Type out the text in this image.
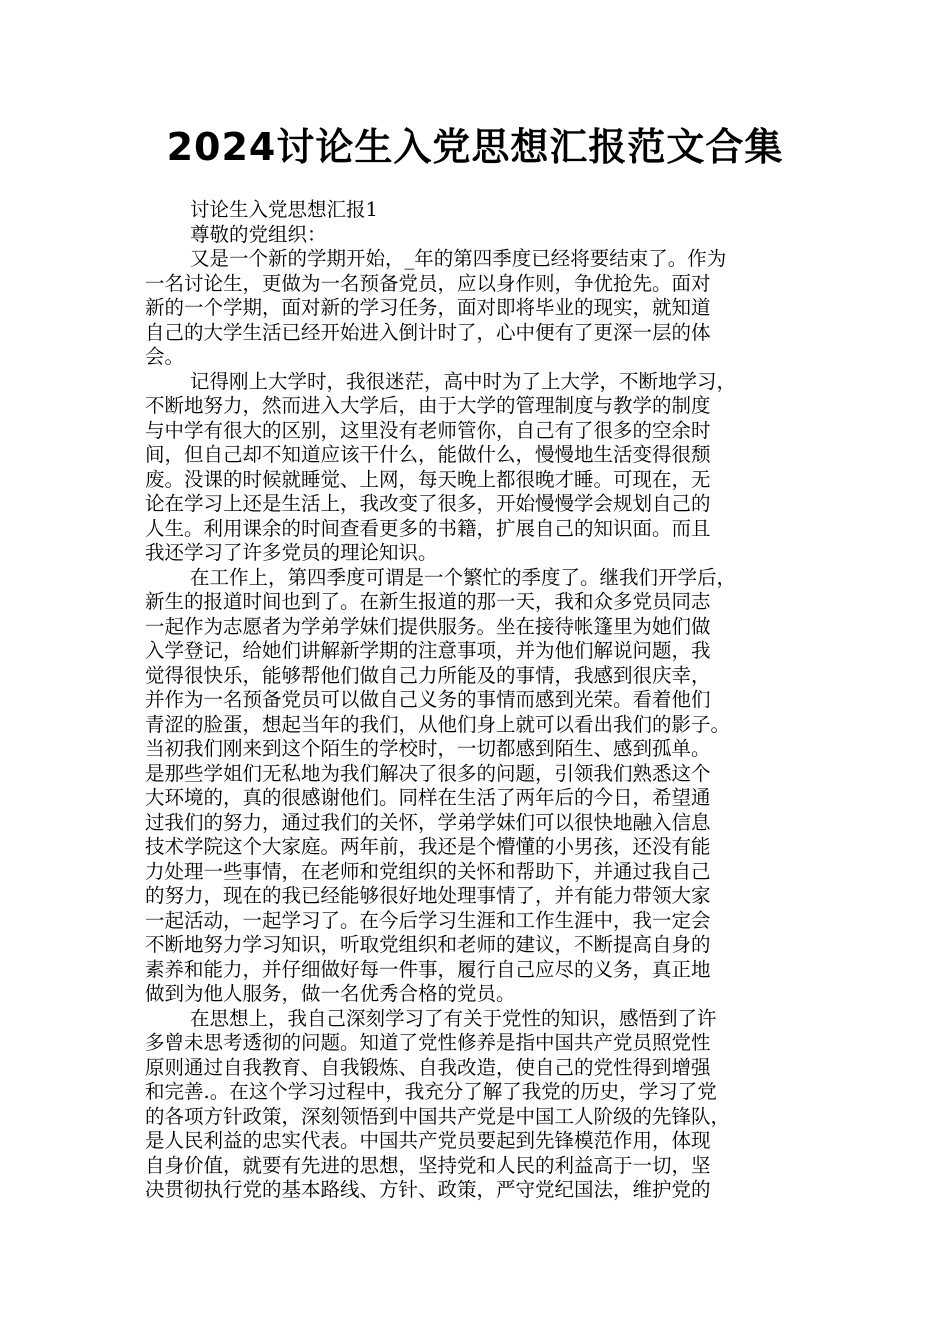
2024讨论生入党思想汇报范文合集
讨论生入党思想汇报1
尊敬的党组织：
又是一个新的学期开始，_年的第四季度已经将要结束了。作为
一名讨论生，更做为一名预备党员，应以身作则，争优抢先。面对
新的一个学期，面对新的学习任务，面对即将毕业的现实，就知道
自己的大学生活已经开始进入倒计时了，心中便有了更深一层的体
会。
记得刚上大学时，我很迷茫，高中时为了上大学，不断地学习，
不断地努力，然而进入大学后，由于大学的管理制度与教学的制度
与中学有很大的区别，这里没有老师管你，自己有了很多的空余时
间，但自己却不知道应该干什么，能做什么，慢慢地生活变得很颓
废。没课的时候就睡觉、上网，每天晚上都很晚才睡。可现在，无
论在学习上还是生活上，我改变了很多，开始慢慢学会规划自己的
人生。利用课余的时间查看更多的书籍，扩展自己的知识面。而且
我还学习了许多党员的理论知识。
在工作上，第四季度可谓是一个繁忙的季度了。继我们开学后，
新生的报道时间也到了。在新生报道的那一天，我和众多党员同志
一起作为志愿者为学弟学妹们提供服务。坐在接待帐篷里为她们做
入学登记，给她们讲解新学期的注意事项，并为他们解说问题，我
觉得很快乐，能够帮他们做自己力所能及的事情，我感到很庆幸，
并作为一名预备党员可以做自己义务的事情而感到光荣。看着他们
青涩的脸蛋，想起当年的我们，从他们身上就可以看出我们的影子。
当初我们刚来到这个陌生的学校时，一切都感到陌生、感到孤单。
是那些学姐们无私地为我们解决了很多的问题，引领我们熟悉这个
大环境的，真的很感谢他们。同样在生活了两年后的今日，希望通
过我们的努力，通过我们的关怀，学弟学妹们可以很快地融入信息
技术学院这个大家庭。两年前，我还是个懵懂的小男孩，还没有能
力处理一些事情，在老师和党组织的关怀和帮助下，并通过我自己
的努力，现在的我已经能够很好地处理事情了，并有能力带领大家
一起活动，一起学习了。在今后学习生涯和工作生涯中，我一定会
不断地努力学习知识，听取党组织和老师的建议，不断提高自身的
素养和能力，并仔细做好每一件事，履行自己应尽的义务，真正地
做到为他人服务，做一名优秀合格的党员。
在思想上，我自己深刻学习了有关于党性的知识，感悟到了许
多曾未思考透彻的问题。知道了党性修养是指中国共产党员照党性
原则通过自我教育、自我锻炼、自我改造，使自己的党性得到增强
和完善.。在这个学习过程中，我充分了解了我党的历史，学习了党
的各项方针政策，深刻领悟到中国共产党是中国工人阶级的先锋队，
是人民利益的忠实代表。中国共产党员要起到先锋模范作用，体现
自身价值，就要有先进的思想，坚持党和人民的利益高于一切，坚
决贯彻执行党的基本路线、方针、政策，严守党纪国法，维护党的
